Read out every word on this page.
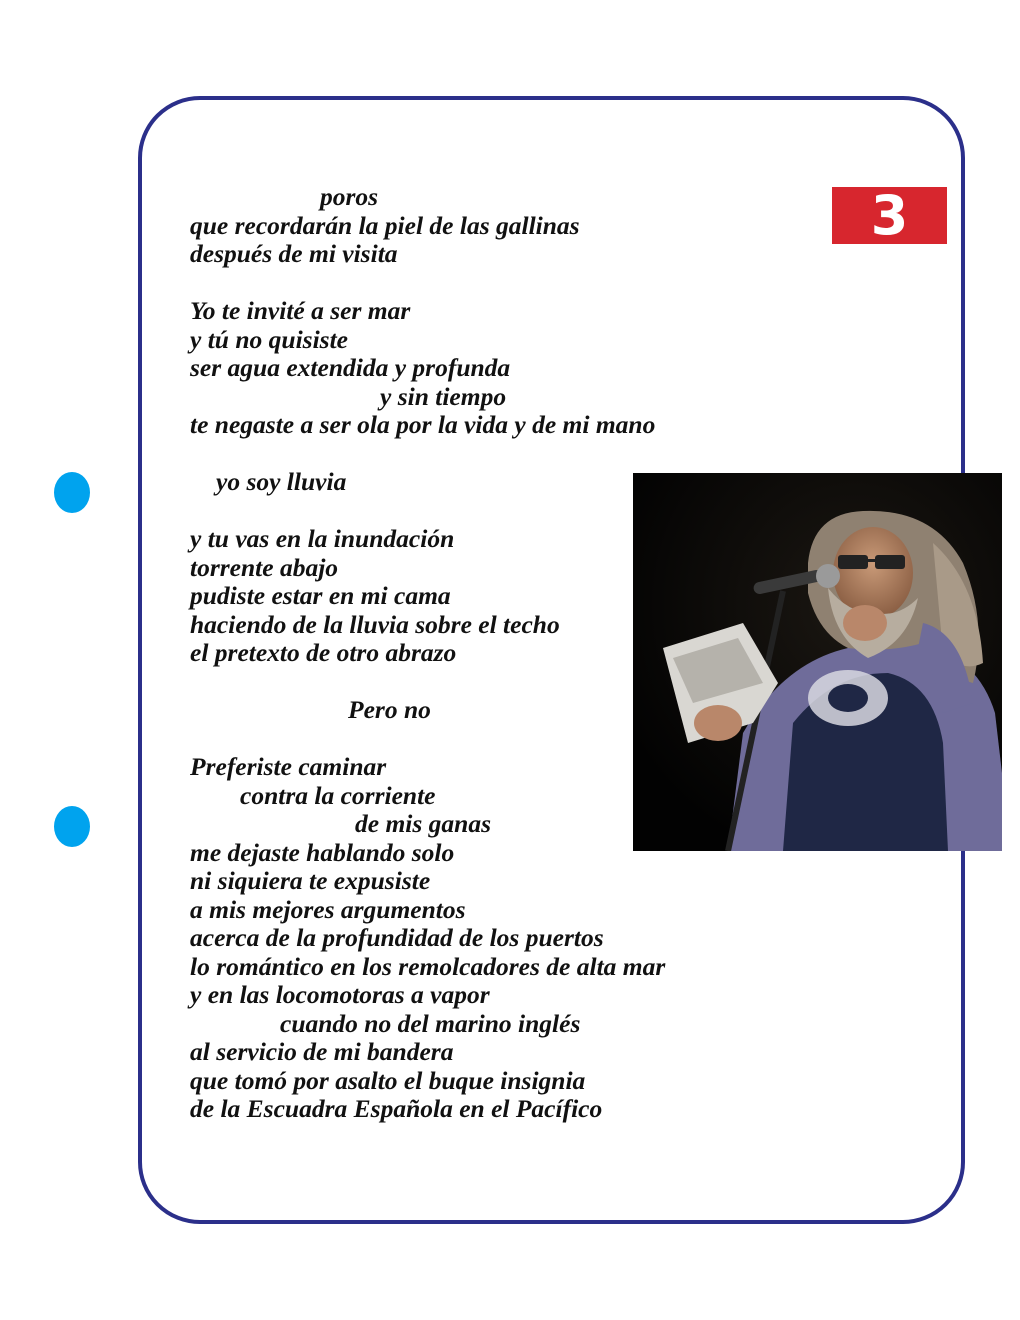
3
poros
que recordarán la piel de las gallinas
después de mi visita
Yo te invité a ser mar
y tú no quisiste
ser agua extendida y profunda
y sin tiempo
te negaste a ser ola por la vida y de mi mano
yo soy lluvia
y tu vas en la inundación
torrente abajo
pudiste estar en mi cama
haciendo de la lluvia sobre el techo
el pretexto de otro abrazo
Pero no
Preferiste caminar
contra la corriente
de mis ganas
me dejaste hablando solo
ni siquiera te expusiste
a mis mejores argumentos
acerca de la profundidad de los puertos
lo romántico en los remolcadores de alta mar
y en las locomotoras a vapor
cuando no del marino inglés
al servicio de mi bandera
que tomó por asalto el buque insignia
de la Escuadra Española en el Pacífico
